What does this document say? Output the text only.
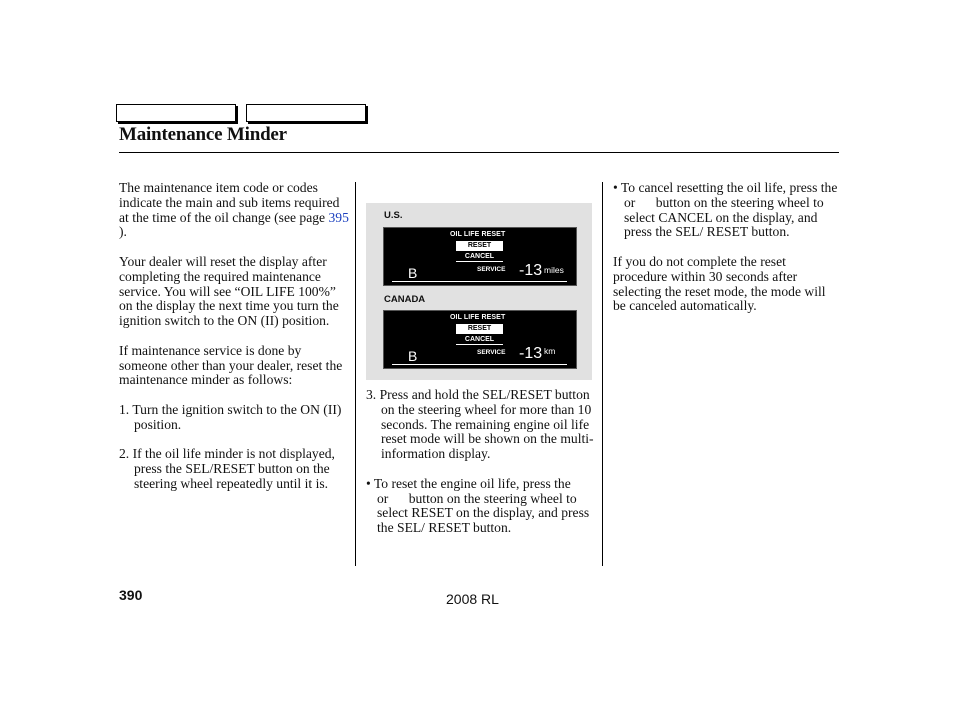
Maintenance Minder

The maintenance item code or codes indicate the main and sub items required at the time of the oil change (see page 395 ).

Your dealer will reset the display after completing the required maintenance service. You will see “OIL LIFE 100%” on the display the next time you turn the ignition switch to the ON (II) position.

If maintenance service is done by someone other than your dealer, reset the maintenance minder as follows:

1. Turn the ignition switch to the ON (II) position.

2. If the oil life minder is not displayed, press the SEL/RESET button on the steering wheel repeatedly until it is.

U.S.
OIL LIFE RESET
RESET
CANCEL
B	SERVICE -13 miles
CANADA
OIL LIFE RESET
RESET
CANCEL
B	SERVICE -13 km

3. Press and hold the SEL/RESET button on the steering wheel for more than 10 seconds. The remaining engine oil life reset mode will be shown on the multi-information display.

• To reset the engine oil life, press the      or      button on the steering wheel to select RESET on the display, and press the SEL/ RESET button.

• To cancel resetting the oil life, press the      or      button on the steering wheel to select CANCEL on the display, and press the SEL/ RESET button.

If you do not complete the reset procedure within 30 seconds after selecting the reset mode, the mode will be canceled automatically.

390	2008 RL
